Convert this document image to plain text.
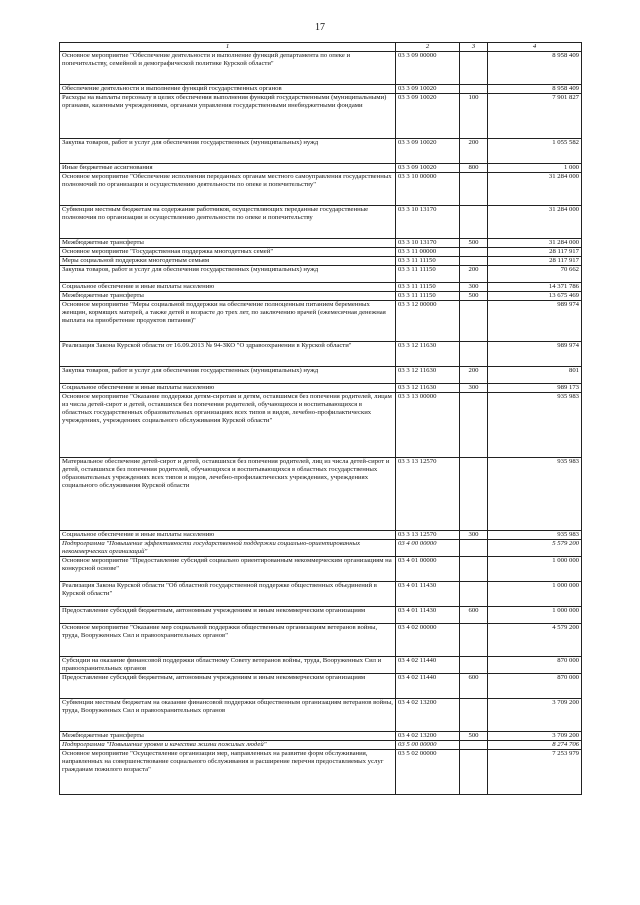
17
1	2	3	4
Основное мероприятие "Обеспечение деятельности и выполнение функций департамента по опеке и попечительству, семейной и демографической политике Курской области"	03 3 09 00000		8 958 409
Обеспечение деятельности и выполнение функций государственных органов	03 3 09 10020		8 958 409
Расходы на выплаты персоналу в целях обеспечения выполнения функций государственными (муниципальными) органами, казенными учреждениями, органами управления государственными внебюджетными фондами	03 3 09 10020	100	7 901 827
Закупка товаров, работ и услуг для обеспечения государственных (муниципальных) нужд	03 3 09 10020	200	1 055 582
Иные бюджетные ассигнования	03 3 09 10020	800	1 000
Основное мероприятие "Обеспечение исполнения переданных органам местного самоуправления государственных полномочий по организации и осуществлению деятельности по опеке и попечительству"	03 3 10 00000		31 284 000
Субвенции местным бюджетам на содержание работников, осуществляющих переданные государственные полномочия по организации и осуществлению деятельности по опеке и попечительству	03 3 10 13170		31 284 000
Межбюджетные трансферты	03 3 10 13170	500	31 284 000
Основное мероприятие "Государственная поддержка многодетных семей"	03 3 11 00000		28 117 917
Меры социальной поддержки многодетным семьям	03 3 11 11150		28 117 917
Закупка товаров, работ и услуг для обеспечения государственных (муниципальных) нужд	03 3 11 11150	200	70 662
Социальное обеспечение и иные выплаты населению	03 3 11 11150	300	14 371 786
Межбюджетные трансферты	03 3 11 11150	500	13 675 469
Основное мероприятие "Меры социальной поддержки на обеспечение полноценным питанием беременных женщин, кормящих матерей, а также детей в возрасте до трех лет, по заключению врачей (ежемесячная денежная выплата на приобретение продуктов питания)"	03 3 12 00000		989 974
Реализация Закона Курской области от 16.09.2013 № 94-ЗКО "О здравоохранении в Курской области"	03 3 12 11630		989 974
Закупка товаров, работ и услуг для обеспечения государственных (муниципальных) нужд	03 3 12 11630	200	801
Социальное обеспечение и иные выплаты населению	03 3 12 11630	300	989 173
Основное мероприятие "Оказание поддержки детям-сиротам и детям, оставшимся без попечения родителей, лицам из числа детей-сирот и детей, оставшихся без попечения родителей, обучающихся и воспитывающихся в областных государственных образовательных организациях всех типов и видов, лечебно-профилактических учреждениях, учреждениях социального обслуживания Курской области"	03 3 13 00000		935 983
Материальное обеспечение детей-сирот и детей, оставшихся без попечения родителей, лиц из числа детей-сирот и детей, оставшихся без попечения родителей, обучающихся и воспитывающихся в областных государственных образовательных учреждениях всех типов и видов, лечебно-профилактических учреждениях, учреждениях социального обслуживания Курской области	03 3 13 12570		935 983
Социальное обеспечение и иные выплаты населению	03 3 13 12570	300	935 983
Подпрограмма "Повышение эффективности государственной поддержки социально-ориентированных некоммерческих организаций"	03 4 00 00000		5 579 200
Основное мероприятие "Предоставление субсидий социально ориентированным некоммерческим организациям на конкурсной основе"	03 4 01 00000		1 000 000
Реализация Закона Курской области "Об областной государственной поддержке общественных объединений в Курской области"	03 4 01 11430		1 000 000
Предоставление субсидий бюджетным, автономным учреждениям и иным некоммерческим организациям	03 4 01 11430	600	1 000 000
Основное мероприятие "Оказание мер социальной поддержки общественным организациям ветеранов войны, труда, Вооруженных Сил и правоохранительных органов"	03 4 02 00000		4 579 200
Субсидии на оказание финансовой поддержки областному Совету ветеранов войны, труда, Вооруженных Сил и правоохранительных органов	03 4 02 11440		870 000
Предоставление субсидий бюджетным, автономным учреждениям и иным некоммерческим организациям	03 4 02 11440	600	870 000
Субвенции местным бюджетам на оказание финансовой поддержки общественным организациям ветеранов войны, труда, Вооруженных Сил и правоохранительных органов	03 4 02 13200		3 709 200
Межбюджетные трансферты	03 4 02 13200	500	3 709 200
Подпрограмма "Повышение уровня и качества жизни пожилых людей"	03 5 00 00000		8 274 706
Основное мероприятие "Осуществление организации мер, направленных на развитие форм обслуживания, направленных на совершенствование социального обслуживания и расширение перечня предоставляемых услуг гражданам пожилого возраста"	03 5 02 00000		7 253 979
